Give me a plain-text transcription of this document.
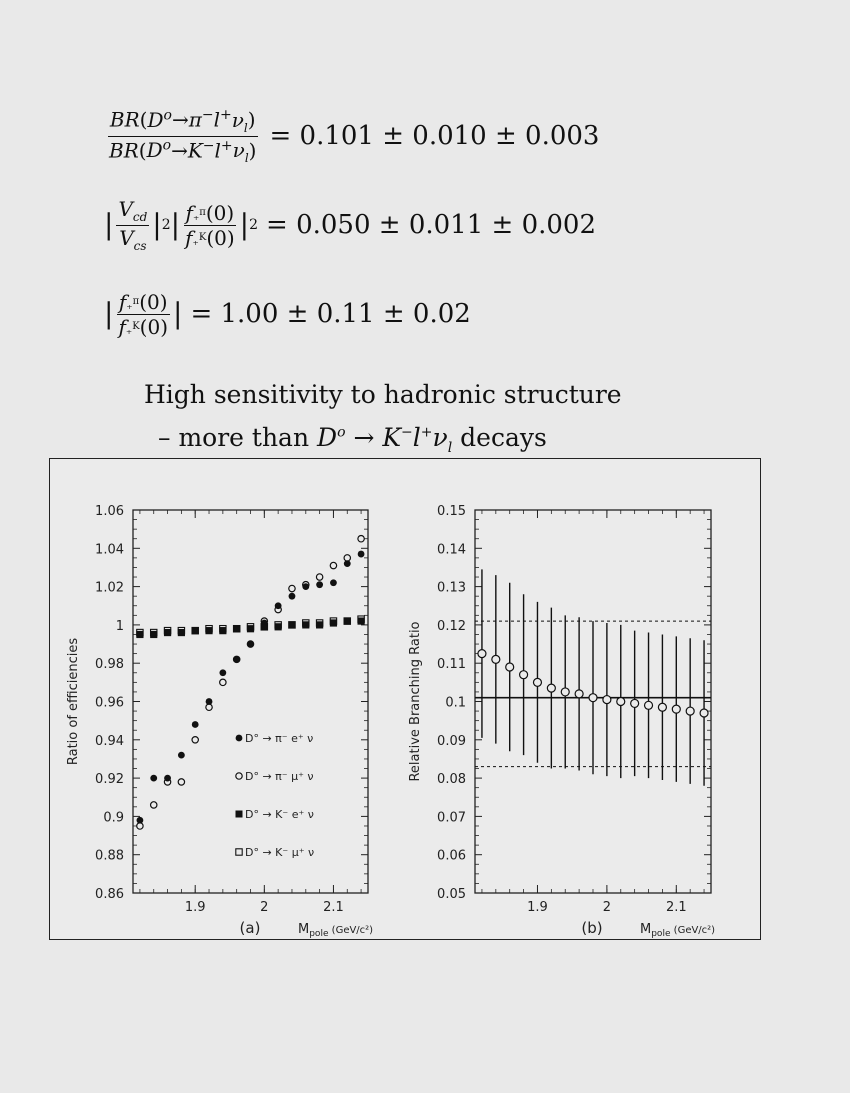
$\frac{BR(D^o\to\pi^-l^+\nu_l)}{BR(D^o\to K^-l^+\nu_l)} = 0.101 \pm 0.010 \pm 0.003$
| $\frac{V_{cd}}{V_{cs}}$ | 2 | $\frac{f_+^\pi(0)}{f_+^K(0)}$ | 2 = 0.050 ± 0.011 ± 0.002
| $\frac{f_+^\pi(0)}{f_+^K(0)}$ | = 1.00 ± 0.11 ± 0.02
High sensitivity to hadronic structure
– more than $D^o \to K^-l^+\nu_l$ decays
0.86
0.88
0.9
0.92
0.94
0.96
0.98
1
1.02
1.04
1.06
1.9	2	2.1
Ratio of efficiencies
(a)	$M_{pole}$ $^{(GeV/c^2)}$
D° → π⁻ e⁺ ν
D° → π⁻ μ⁺ ν
D° → K⁻ e⁺ ν
D° → K⁻ μ⁺ ν
0.05
0.06
0.07
0.08
0.09
0.1
0.11
0.12
0.13
0.14
0.15
1.9	2	2.1
Relative Branching Ratio
(b)	$M_{pole}$ $^{(GeV/c^2)}$
